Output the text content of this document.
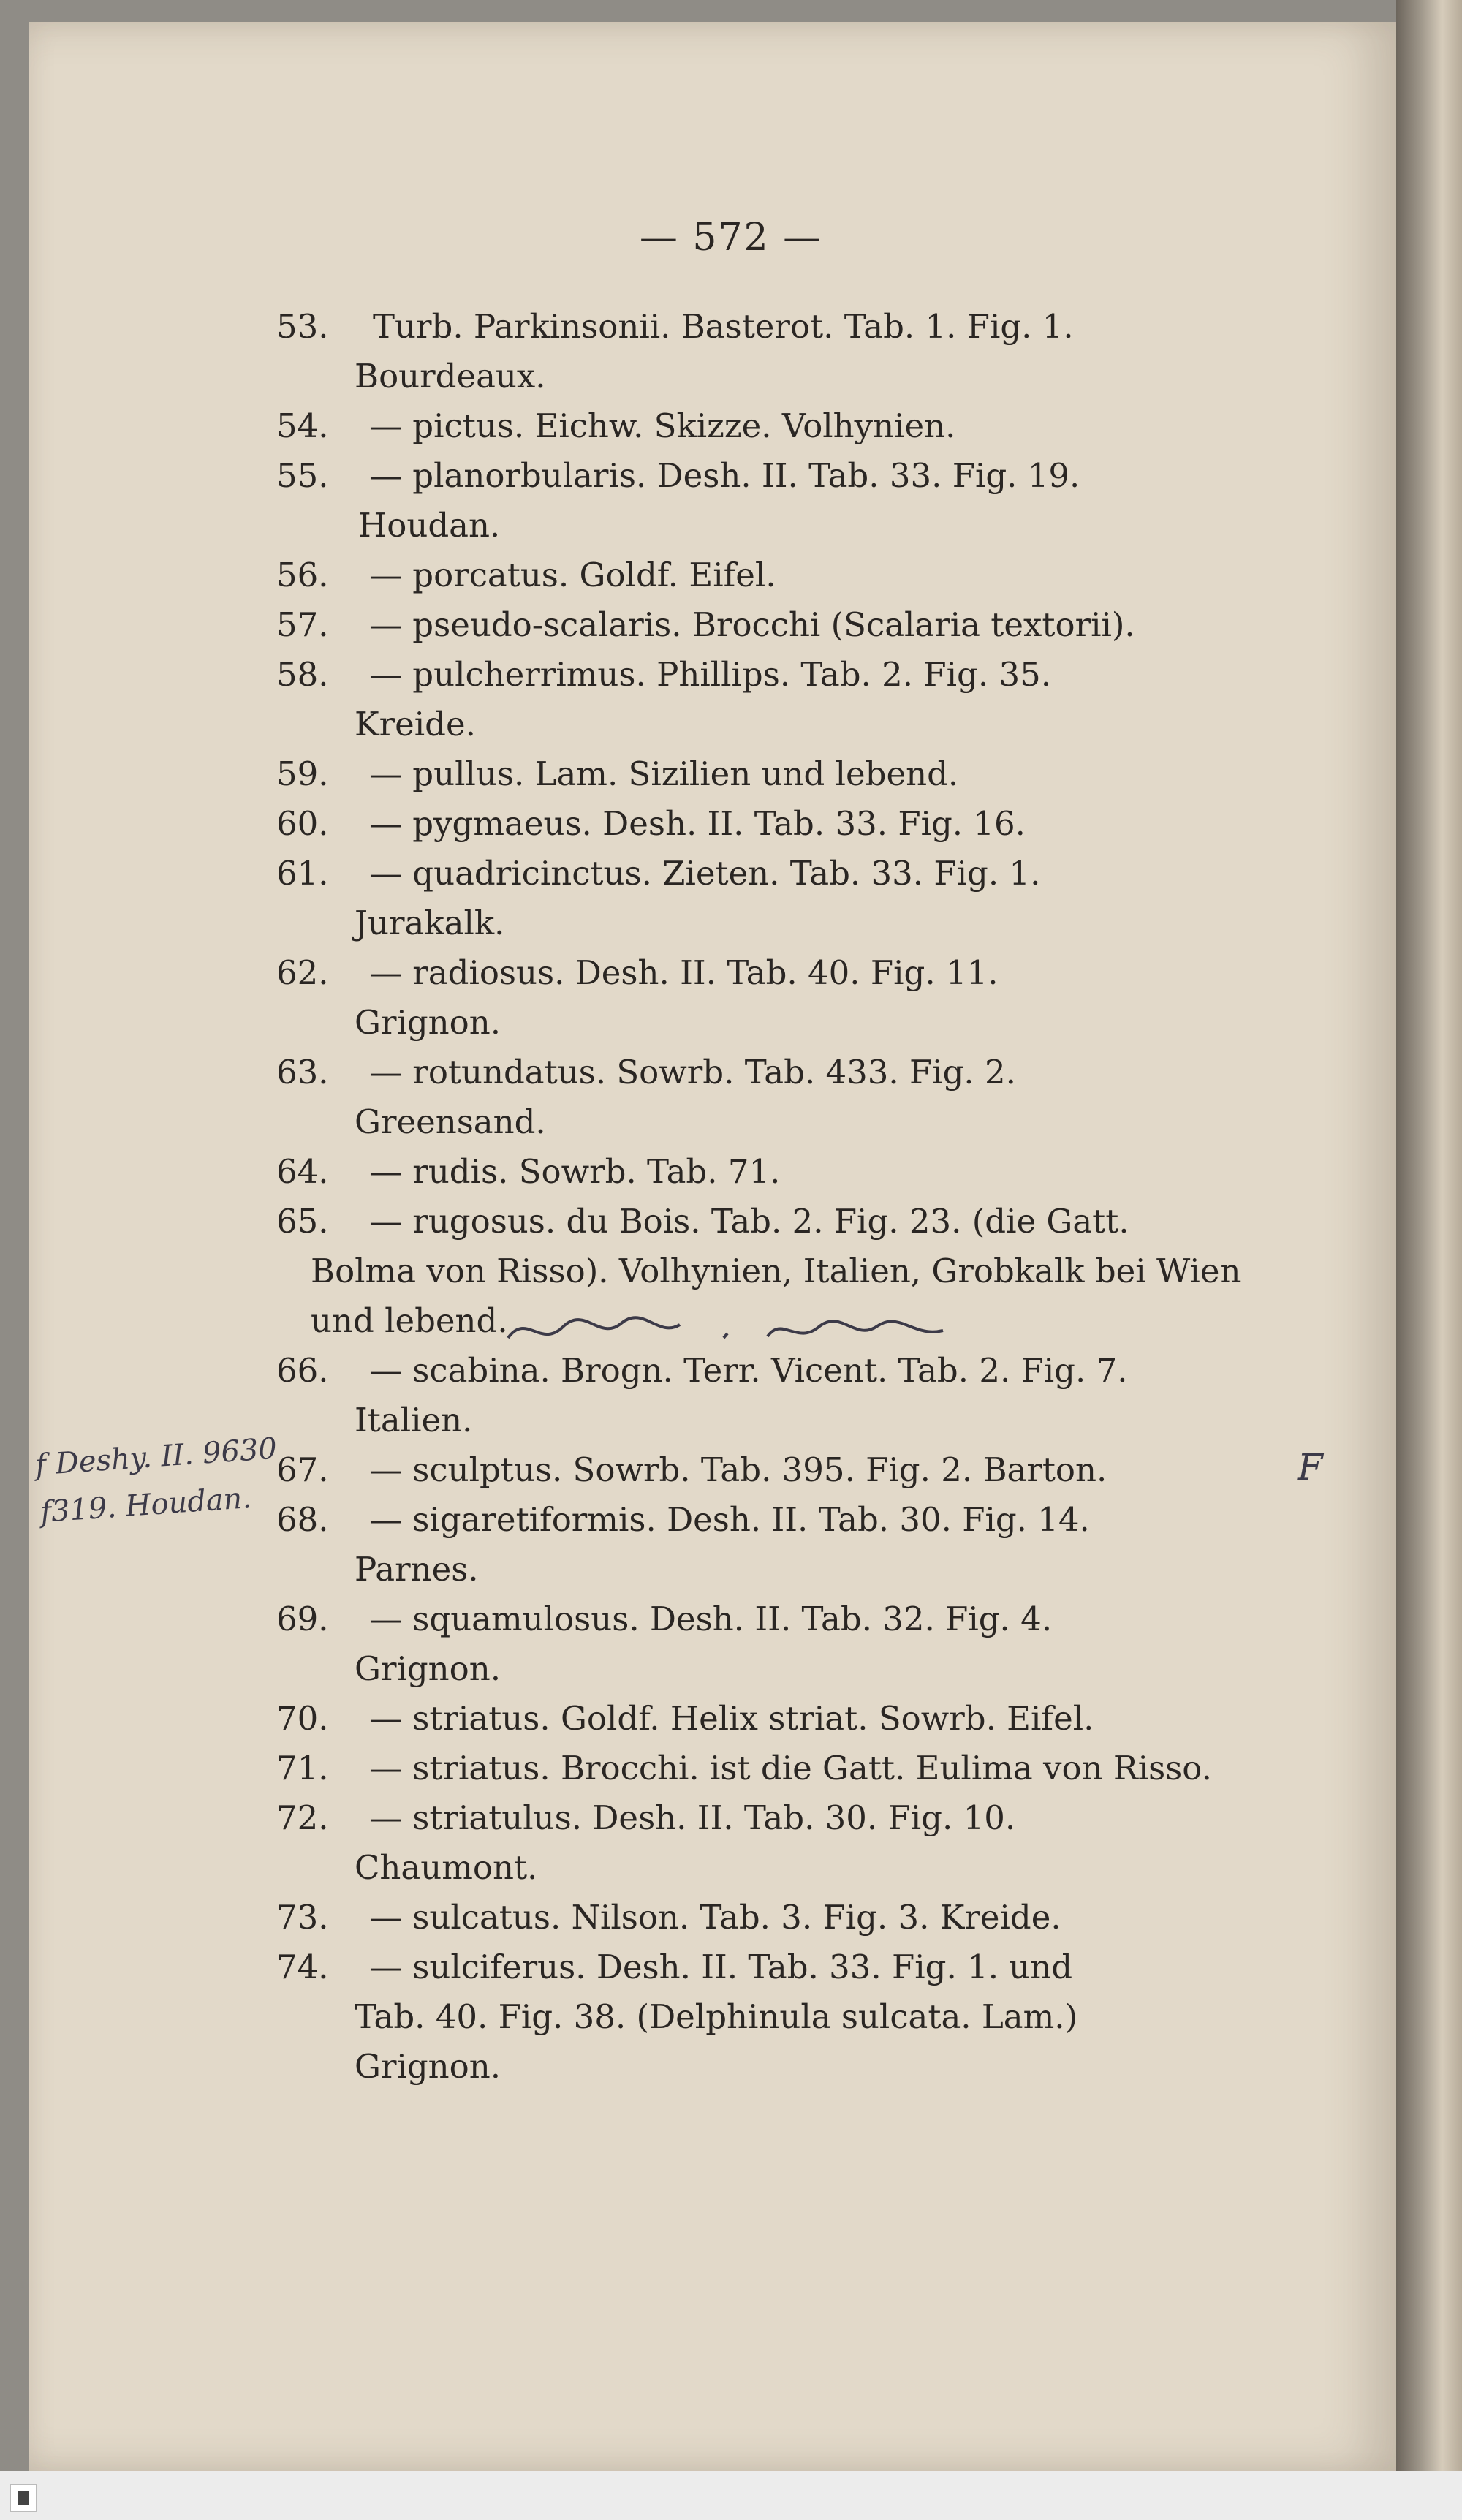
— 572 —
53. Turb. Parkinsonii. Basterot. Tab. 1. Fig. 1.
Bourdeaux.
54. — pictus. Eichw. Skizze. Volhynien.
55. — planorbularis. Desh. II. Tab. 33. Fig. 19.
Houdan.
56. — porcatus. Goldf. Eifel.
57. — pseudo-scalaris. Brocchi (Scalaria textorii).
58. — pulcherrimus. Phillips. Tab. 2. Fig. 35.
Kreide.
59. — pullus. Lam. Sizilien und lebend.
60. — pygmaeus. Desh. II. Tab. 33. Fig. 16.
61. — quadricinctus. Zieten. Tab. 33. Fig. 1.
Jurakalk.
62. — radiosus. Desh. II. Tab. 40. Fig. 11.
Grignon.
63. — rotundatus. Sowrb. Tab. 433. Fig. 2.
Greensand.
64. — rudis. Sowrb. Tab. 71.
65. — rugosus. du Bois. Tab. 2. Fig. 23. (die Gatt.
Bolma von Risso). Volhynien, Italien, Grobkalk bei Wien
und lebend.
66. — scabina. Brogn. Terr. Vicent. Tab. 2. Fig. 7.
Italien.
67. — sculptus. Sowrb. Tab. 395. Fig. 2. Barton.
68. — sigaretiformis. Desh. II. Tab. 30. Fig. 14.
Parnes.
69. — squamulosus. Desh. II. Tab. 32. Fig. 4.
Grignon.
70. — striatus. Goldf. Helix striat. Sowrb. Eifel.
71. — striatus. Brocchi. ist die Gatt. Eulima von Risso.
72. — striatulus. Desh. II. Tab. 30. Fig. 10.
Chaumont.
73. — sulcatus. Nilson. Tab. 3. Fig. 3. Kreide.
74. — sulciferus. Desh. II. Tab. 33. Fig. 1. und
Tab. 40. Fig. 38. (Delphinula sulcata. Lam.)
Grignon.
f Deshy. II. 9630
f319. Houdan.
F
